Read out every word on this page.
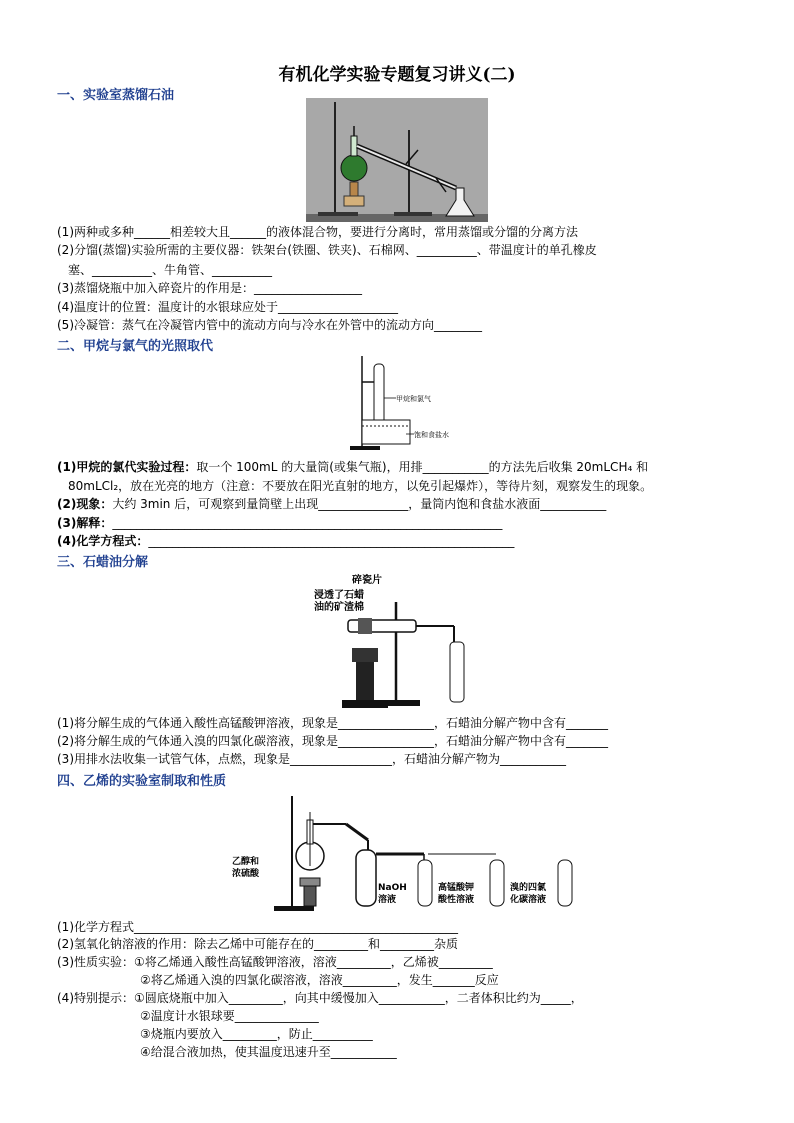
有机化学实验专题复习讲义(二)
一、实验室蒸馏石油
(1)两种或多种______相差较大且______的液体混合物，要进行分离时，常用蒸馏或分馏的分离方法
(2)分馏(蒸馏)实验所需的主要仪器：铁架台(铁圈、铁夹)、石棉网、__________、带温度计的单孔橡皮
塞、__________、牛角管、__________
(3)蒸馏烧瓶中加入碎瓷片的作用是：__________________
(4)温度计的位置：温度计的水银球应处于____________________
(5)冷凝管：蒸气在冷凝管内管中的流动方向与冷水在外管中的流动方向________
二、甲烷与氯气的光照取代
甲烷和氯气
饱和食盐水
(1)甲烷的氯代实验过程：取一个 100mL 的大量筒(或集气瓶)，用排___________的方法先后收集 20mLCH₄ 和
80mLCl₂，放在光亮的地方（注意：不要放在阳光直射的地方，以免引起爆炸），等待片刻，观察发生的现象。
(2)现象：大约 3min 后，可观察到量筒壁上出现_______________，量筒内饱和食盐水液面___________
(3)解释：_________________________________________________________________
(4)化学方程式：_____________________________________________________________
三、石蜡油分解
碎瓷片
浸透了石蜡
油的矿渣棉
(1)将分解生成的气体通入酸性高锰酸钾溶液，现象是________________，石蜡油分解产物中含有_______
(2)将分解生成的气体通入溴的四氯化碳溶液，现象是________________，石蜡油分解产物中含有_______
(3)用排水法收集一试管气体，点燃，现象是_________________，石蜡油分解产物为___________
四、乙烯的实验室制取和性质
乙醇和
浓硫酸
NaOH
溶液
高锰酸钾
酸性溶液
溴的四氯
化碳溶液
(1)化学方程式______________________________________________________
(2)氢氧化钠溶液的作用：除去乙烯中可能存在的_________和_________杂质
(3)性质实验：①将乙烯通入酸性高锰酸钾溶液，溶液_________，乙烯被_________
②将乙烯通入溴的四氯化碳溶液，溶液_________，发生_______反应
(4)特别提示：①圆底烧瓶中加入_________，向其中缓慢加入___________，二者体积比约为_____，
②温度计水银球要______________
③烧瓶内要放入_________，防止__________
④给混合液加热，使其温度迅速升至___________
